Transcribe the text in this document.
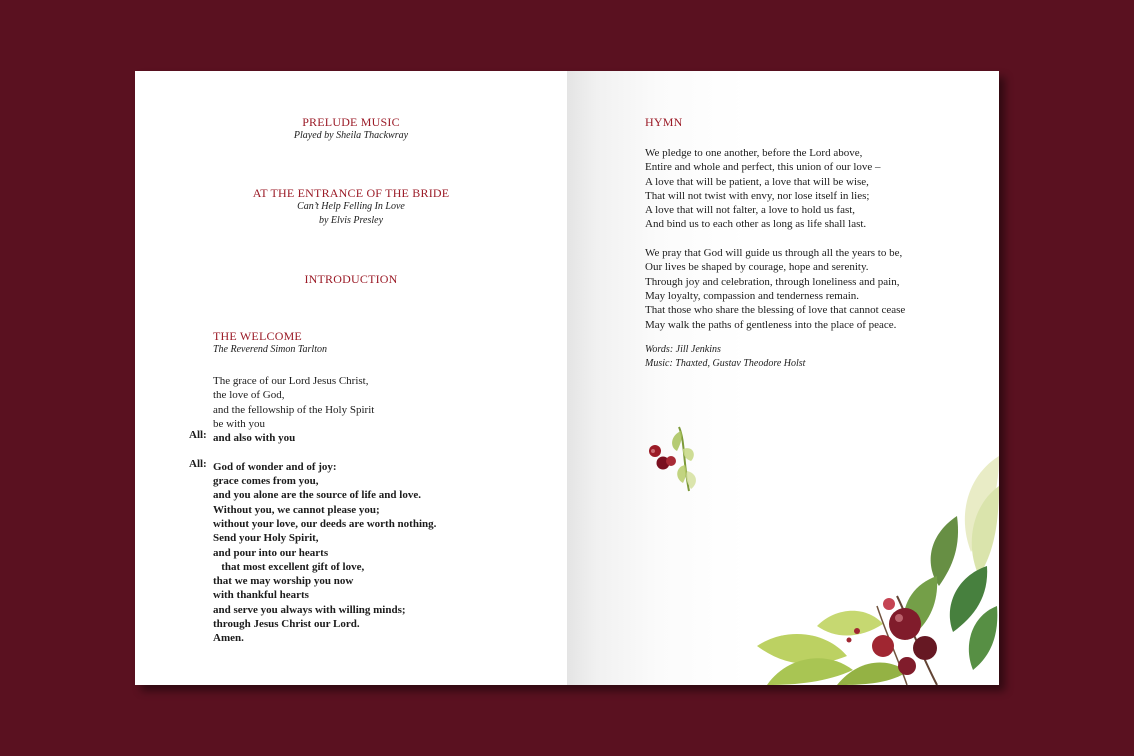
PRELUDE MUSIC
Played by Sheila Thackwray
AT THE ENTRANCE OF THE BRIDE
Can’t Help Felling In Love
by Elvis Presley
INTRODUCTION
THE WELCOME
The Reverend Simon Tarlton
The grace of our Lord Jesus Christ,
the love of God,
and the fellowship of the Holy Spirit
be with you
All: and also with you
All: God of wonder and of joy:
grace comes from you,
and you alone are the source of life and love.
Without you, we cannot please you;
without your love, our deeds are worth nothing.
Send your Holy Spirit,
and pour into our hearts
that most excellent gift of love,
that we may worship you now
with thankful hearts
and serve you always with willing minds;
through Jesus Christ our Lord.
Amen.
HYMN
We pledge to one another, before the Lord above,
Entire and whole and perfect, this union of our love –
A love that will be patient, a love that will be wise,
That will not twist with envy, nor lose itself in lies;
A love that will not falter, a love to hold us fast,
And bind us to each other as long as life shall last.
We pray that God will guide us through all the years to be,
Our lives be shaped by courage, hope and serenity.
Through joy and celebration, through loneliness and pain,
May loyalty, compassion and tenderness remain.
That those who share the blessing of love that cannot cease
May walk the paths of gentleness into the place of peace.
Words: Jill Jenkins
Music: Thaxted, Gustav Theodore Holst
